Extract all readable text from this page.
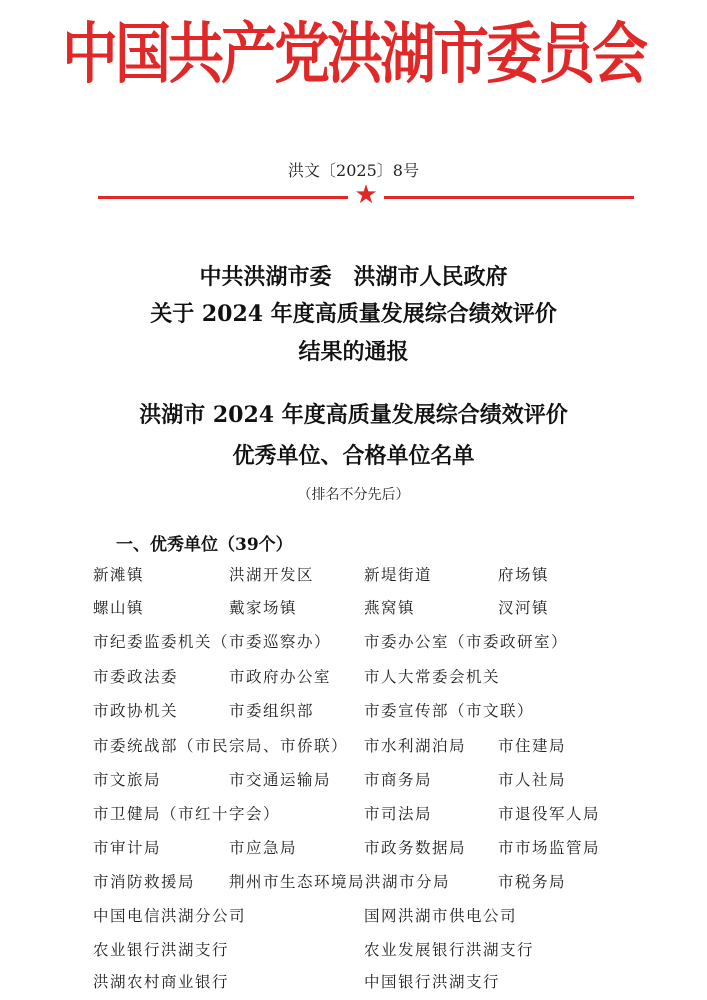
中国共产党洪湖市委员会
洪文〔2025〕8号
★
中共洪湖市委　洪湖市人民政府
关于 2024 年度高质量发展综合绩效评价
结果的通报
洪湖市 2024 年度高质量发展综合绩效评价
优秀单位、合格单位名单
（排名不分先后）
一、优秀单位（39个）
新滩镇	洪湖开发区	新堤街道	府场镇
螺山镇	戴家场镇	燕窝镇	汊河镇
市纪委监委机关（市委巡察办） 市委办公室（市委政研室）
市委政法委	市政府办公室 市人大常委会机关
市政协机关	市委组织部	市委宣传部（市文联）
市委统战部（市民宗局、市侨联） 市水利湖泊局 市住建局
市文旅局	市交通运输局 市商务局	市人社局
市卫健局（市红十字会）	市司法局	市退役军人局
市审计局	市应急局	市政务数据局 市市场监管局
市消防救援局 荆州市生态环境局洪湖市分局	市税务局
中国电信洪湖分公司	国网洪湖市供电公司
农业银行洪湖支行	农业发展银行洪湖支行
洪湖农村商业银行	中国银行洪湖支行
